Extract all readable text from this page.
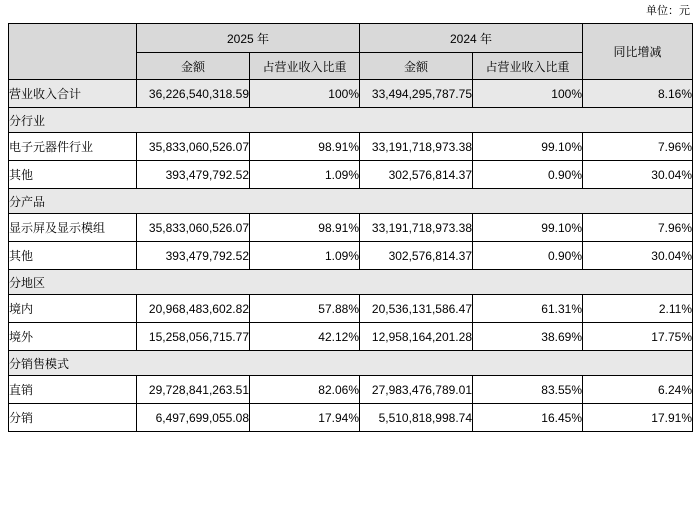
单位：元
	2025 年		2024 年		同比增减
	金额	占营业收入比重	金额	占营业收入比重	
营业收入合计	36,226,540,318.59	100%	33,494,295,787.75	100%	8.16%
分行业					
电子元器件行业	35,833,060,526.07	98.91%	33,191,718,973.38	99.10%	7.96%
其他	393,479,792.52	1.09%	302,576,814.37	0.90%	30.04%
分产品					
显示屏及显示模组	35,833,060,526.07	98.91%	33,191,718,973.38	99.10%	7.96%
其他	393,479,792.52	1.09%	302,576,814.37	0.90%	30.04%
分地区					
境内	20,968,483,602.82	57.88%	20,536,131,586.47	61.31%	2.11%
境外	15,258,056,715.77	42.12%	12,958,164,201.28	38.69%	17.75%
分销售模式					
直销	29,728,841,263.51	82.06%	27,983,476,789.01	83.55%	6.24%
分销	6,497,699,055.08	17.94%	5,510,818,998.74	16.45%	17.91%
